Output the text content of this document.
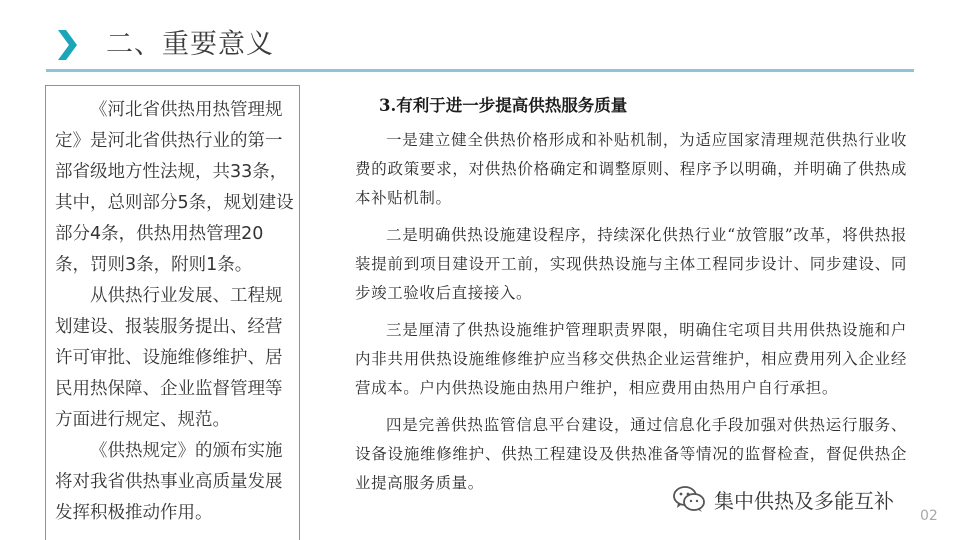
二、重要意义

《河北省供热用热管理规定》是河北省供热行业的第一部省级地方性法规，共33条，其中，总则部分5条，规划建设部分4条，供热用热管理20条，罚则3条，附则1条。

从供热行业发展、工程规划建设、报装服务提出、经营许可审批、设施维修维护、居民用热保障、企业监督管理等方面进行规定、规范。

《供热规定》的颁布实施将对我省供热事业高质量发展发挥积极推动作用。

3.有利于进一步提高供热服务质量

一是建立健全供热价格形成和补贴机制，为适应国家清理规范供热行业收费的政策要求，对供热价格确定和调整原则、程序予以明确，并明确了供热成本补贴机制。

二是明确供热设施建设程序，持续深化供热行业“放管服”改革，将供热报装提前到项目建设开工前，实现供热设施与主体工程同步设计、同步建设、同步竣工验收后直接接入。

三是厘清了供热设施维护管理职责界限，明确住宅项目共用供热设施和户内非共用供热设施维修维护应当移交供热企业运营维护，相应费用列入企业经营成本。户内供热设施由热用户维护，相应费用由热用户自行承担。

四是完善供热监管信息平台建设，通过信息化手段加强对供热运行服务、设备设施维修维护、供热工程建设及供热准备等情况的监督检查，督促供热企业提高服务质量。

集中供热及多能互补
02
